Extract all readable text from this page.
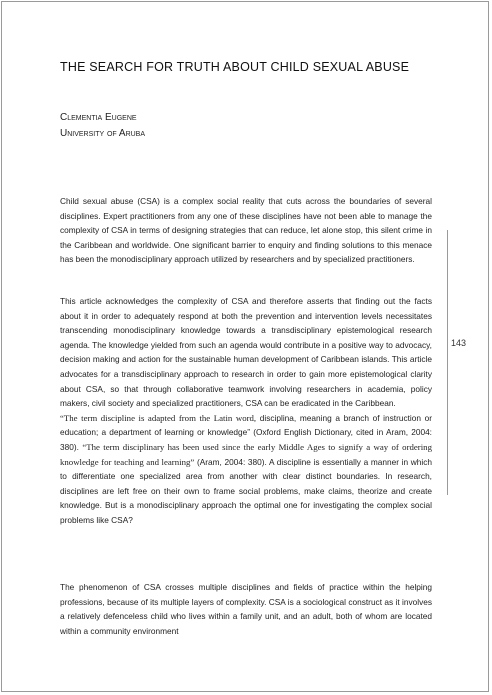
143
THE SEARCH FOR TRUTH ABOUT CHILD SEXUAL ABUSE
Clementia Eugene
University of Aruba

Child sexual abuse (CSA) is a complex social reality that cuts across the boundaries of several disciplines. Expert practitioners from any one of these disciplines have not been able to manage the complexity of CSA in terms of designing strategies that can reduce, let alone stop, this silent crime in the Caribbean and worldwide. One significant barrier to enquiry and finding solutions to this menace has been the monodisciplinary approach utilized by researchers and by specialized practitioners.

This article acknowledges the complexity of CSA and therefore asserts that finding out the facts about it in order to adequately respond at both the prevention and intervention levels necessitates transcending monodisciplinary knowledge towards a transdisciplinary epistemological research agenda. The knowledge yielded from such an agenda would contribute in a positive way to advocacy, decision making and action for the sustainable human development of Caribbean islands. This article advocates for a transdisciplinary approach to research in order to gain more epistemological clarity about CSA, so that through collaborative teamwork involving researchers in academia, policy makers, civil society and specialized practitioners, CSA can be eradicated in the Caribbean.

“The term discipline is adapted from the Latin word, disciplina, meaning a branch of instruction or education; a department of learning or knowledge” (Oxford English Dictionary, cited in Aram, 2004: 380). “The term disciplinary has been used since the early Middle Ages to signify a way of ordering knowledge for teaching and learning” (Aram, 2004: 380). A discipline is essentially a manner in which to differentiate one specialized area from another with clear distinct boundaries. In research, disciplines are left free on their own to frame social problems, make claims, theorize and create knowledge. But is a monodisciplinary approach the optimal one for investigating the complex social problems like CSA?

The phenomenon of CSA crosses multiple disciplines and fields of practice within the helping professions, because of its multiple layers of complexity. CSA is a sociological construct as it involves a relatively defenceless child who lives within a family unit, and an adult, both of whom are located within a community environment
